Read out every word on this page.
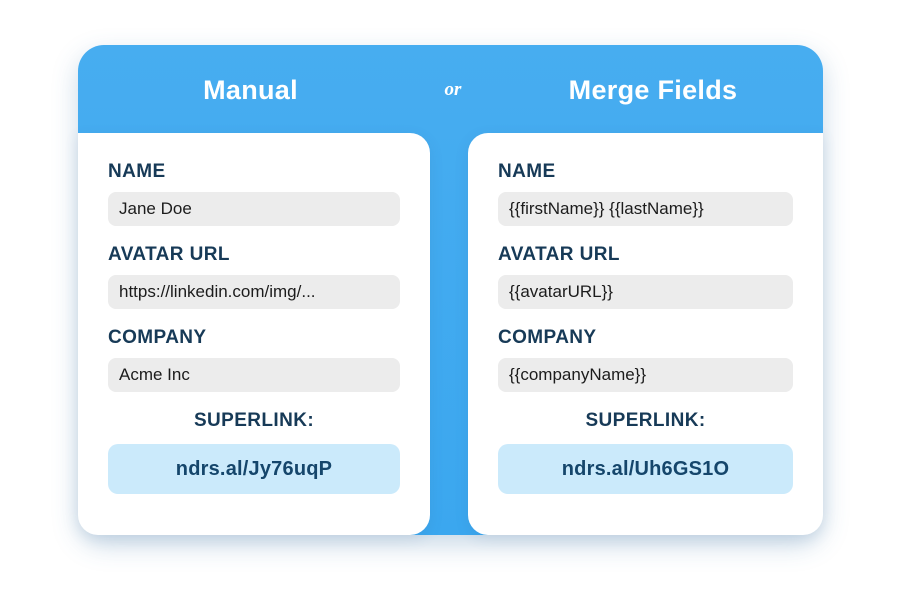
Manual	or	Merge Fields
NAME
Jane Doe
AVATAR URL
https://linkedin.com/img/...
COMPANY
Acme Inc
SUPERLINK:
ndrs.al/Jy76uqP
NAME
{{firstName}} {{lastName}}
AVATAR URL
{{avatarURL}}
COMPANY
{{companyName}}
SUPERLINK:
ndrs.al/Uh6GS1O
